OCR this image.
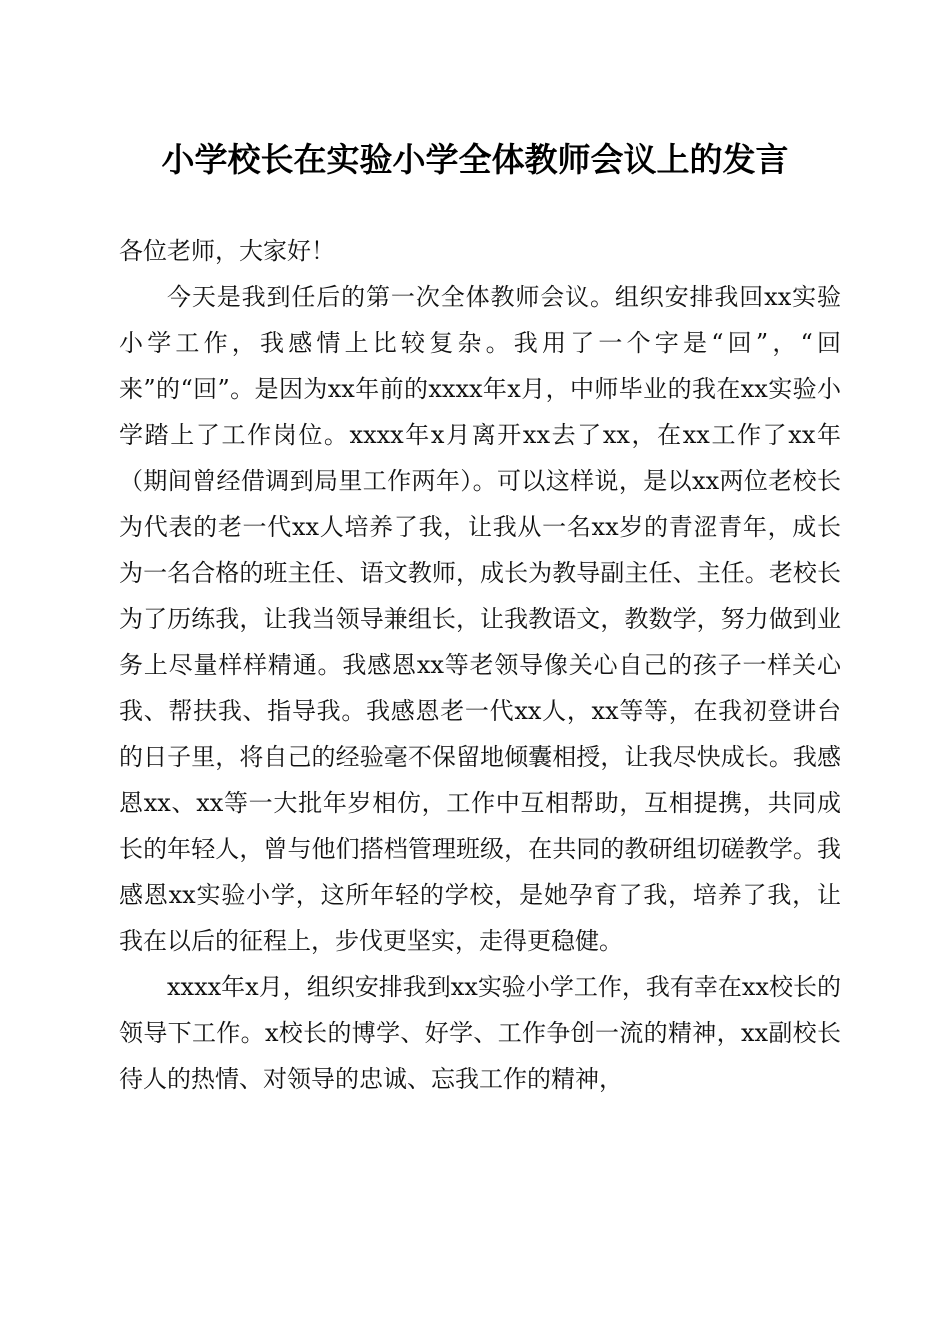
小学校长在实验小学全体教师会议上的发言

各位老师，大家好！

今天是我到任后的第一次全体教师会议。组织安排我回xx实验小学工作，我感情上比较复杂。我用了一个字是“回”，“回来”的“回”。是因为xx年前的xxxx年x月，中师毕业的我在xx实验小学踏上了工作岗位。xxxx年x月离开xx去了xx，在xx工作了xx年（期间曾经借调到局里工作两年）。可以这样说，是以xx两位老校长为代表的老一代xx人培养了我，让我从一名xx岁的青涩青年，成长为一名合格的班主任、语文教师，成长为教导副主任、主任。老校长为了历练我，让我当领导兼组长，让我教语文，教数学，努力做到业务上尽量样样精通。我感恩xx等老领导像关心自己的孩子一样关心我、帮扶我、指导我。我感恩老一代xx人，xx等等，在我初登讲台的日子里，将自己的经验毫不保留地倾囊相授，让我尽快成长。我感恩xx、xx等一大批年岁相仿，工作中互相帮助，互相提携，共同成长的年轻人，曾与他们搭档管理班级，在共同的教研组切磋教学。我感恩xx实验小学，这所年轻的学校，是她孕育了我，培养了我，让我在以后的征程上，步伐更坚实，走得更稳健。

xxxx年x月，组织安排我到xx实验小学工作，我有幸在xx校长的领导下工作。x校长的博学、好学、工作争创一流的精神，xx副校长待人的热情、对领导的忠诚、忘我工作的精神，
